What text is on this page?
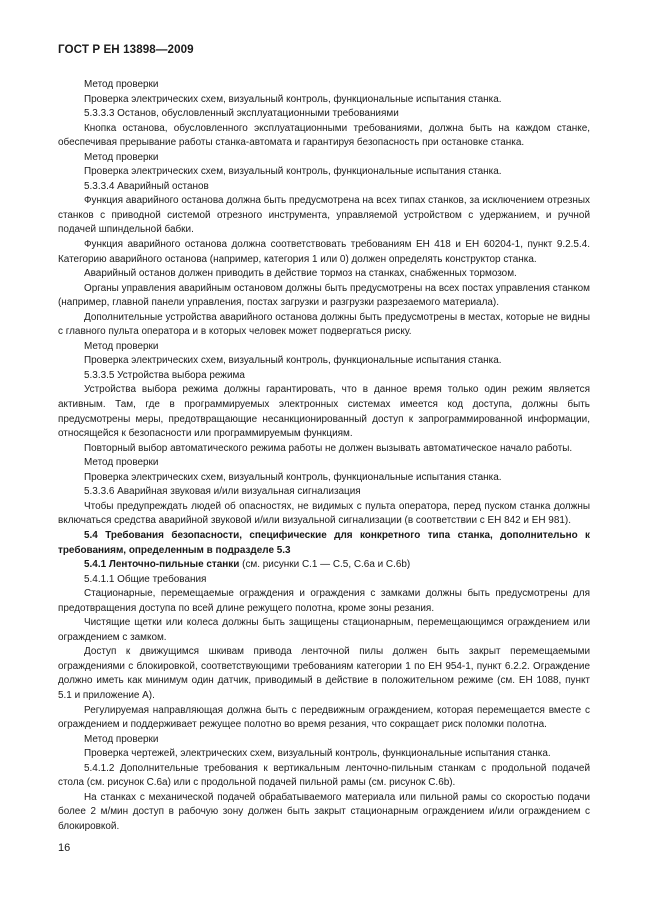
ГОСТ Р ЕН 13898—2009

Метод проверки

Проверка электрических схем, визуальный контроль, функциональные испытания станка.

5.3.3.3 Останов, обусловленный эксплуатационными требованиями

Кнопка останова, обусловленного эксплуатационными требованиями, должна быть на каждом станке, обеспечивая прерывание работы станка-автомата и гарантируя безопасность при остановке станка.

Метод проверки

Проверка электрических схем, визуальный контроль, функциональные испытания станка.

5.3.3.4 Аварийный останов

Функция аварийного останова должна быть предусмотрена на всех типах станков, за исключением отрезных станков с приводной системой отрезного инструмента, управляемой устройством с удержанием, и ручной подачей шпиндельной бабки.

Функция аварийного останова должна соответствовать требованиям ЕН 418 и ЕН 60204-1, пункт 9.2.5.4. Категорию аварийного останова (например, категория 1 или 0) должен определять конструктор станка.

Аварийный останов должен приводить в действие тормоз на станках, снабженных тормозом.

Органы управления аварийным остановом должны быть предусмотрены на всех постах управления станком (например, главной панели управления, постах загрузки и разгрузки разрезаемого материала).

Дополнительные устройства аварийного останова должны быть предусмотрены в местах, которые не видны с главного пульта оператора и в которых человек может подвергаться риску.

Метод проверки

Проверка электрических схем, визуальный контроль, функциональные испытания станка.

5.3.3.5 Устройства выбора режима

Устройства выбора режима должны гарантировать, что в данное время только один режим является активным. Там, где в программируемых электронных системах имеется код доступа, должны быть предусмотрены меры, предотвращающие несанкционированный доступ к запрограммированной информации, относящейся к безопасности или программируемым функциям.

Повторный выбор автоматического режима работы не должен вызывать автоматическое начало работы.

Метод проверки

Проверка электрических схем, визуальный контроль, функциональные испытания станка.

5.3.3.6 Аварийная звуковая и/или визуальная сигнализация

Чтобы предупреждать людей об опасностях, не видимых с пульта оператора, перед пуском станка должны включаться средства аварийной звуковой и/или визуальной сигнализации (в соответствии с ЕН 842 и ЕН 981).

5.4 Требования безопасности, специфические для конкретного типа станка, дополнительно к требованиям, определенным в подразделе 5.3

5.4.1 Ленточно-пильные станки (см. рисунки С.1 — С.5, С.6а и С.6b)

5.4.1.1 Общие требования

Стационарные, перемещаемые ограждения и ограждения с замками должны быть предусмотрены для предотвращения доступа по всей длине режущего полотна, кроме зоны резания.

Чистящие щетки или колеса должны быть защищены стационарным, перемещающимся ограждением или ограждением с замком.

Доступ к движущимся шкивам привода ленточной пилы должен быть закрыт перемещаемыми ограждениями с блокировкой, соответствующими требованиям категории 1 по ЕН 954-1, пункт 6.2.2. Ограждение должно иметь как минимум один датчик, приводимый в действие в положительном режиме (см. ЕН 1088, пункт 5.1 и приложение А).

Регулируемая направляющая должна быть с передвижным ограждением, которая перемещается вместе с ограждением и поддерживает режущее полотно во время резания, что сокращает риск поломки полотна.

Метод проверки

Проверка чертежей, электрических схем, визуальный контроль, функциональные испытания станка.

5.4.1.2 Дополнительные требования к вертикальным ленточно-пильным станкам с продольной подачей стола (см. рисунок С.6а) или с продольной подачей пильной рамы (см. рисунок С.6b).

На станках с механической подачей обрабатываемого материала или пильной рамы со скоростью подачи более 2 м/мин доступ в рабочую зону должен быть закрыт стационарным ограждением и/или ограждением с блокировкой.

16
